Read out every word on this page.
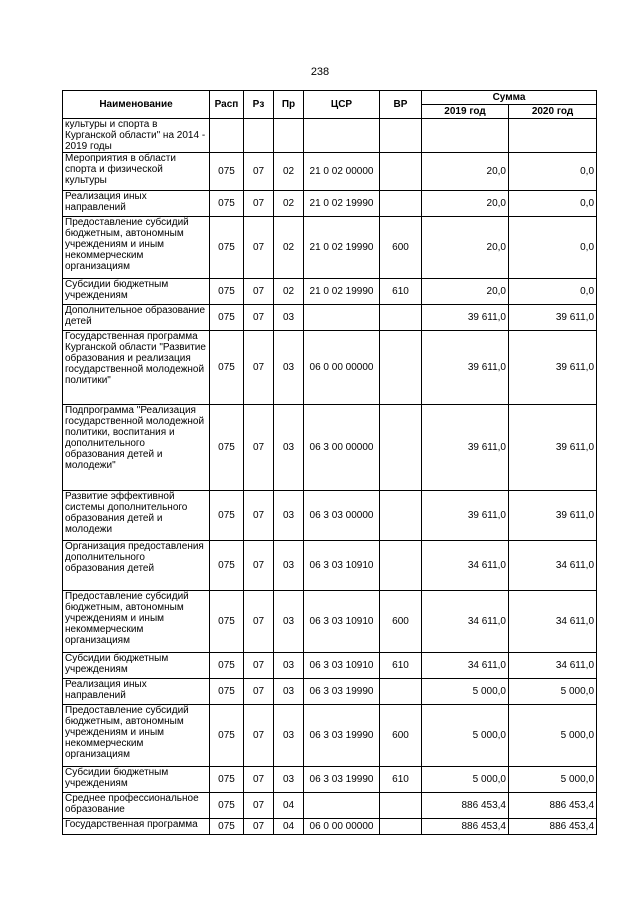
238
Наименование	Расп	Рз	Пр	ЦСР	ВР	Сумма	
						2019 год	2020 год
культуры и спорта в Курганской области" на 2014 - 2019 годы							
Мероприятия в области спорта и физической культуры	075	07	02	21 0 02 00000		20,0	0,0
Реализация иных направлений	075	07	02	21 0 02 19990		20,0	0,0
Предоставление субсидий бюджетным, автономным учреждениям и иным некоммерческим организациям	075	07	02	21 0 02 19990	600	20,0	0,0
Субсидии бюджетным учреждениям	075	07	02	21 0 02 19990	610	20,0	0,0
Дополнительное образование детей	075	07	03			39 611,0	39 611,0
Государственная программа Курганской области "Развитие образования и реализация государственной молодежной политики"	075	07	03	06 0 00 00000		39 611,0	39 611,0
Подпрограмма "Реализация государственной молодежной политики, воспитания и дополнительного образования детей и молодежи"	075	07	03	06 3 00 00000		39 611,0	39 611,0
Развитие эффективной системы дополнительного образования детей и молодежи	075	07	03	06 3 03 00000		39 611,0	39 611,0
Организация предоставления дополнительного образования детей	075	07	03	06 3 03 10910		34 611,0	34 611,0
Предоставление субсидий бюджетным, автономным учреждениям и иным некоммерческим организациям	075	07	03	06 3 03 10910	600	34 611,0	34 611,0
Субсидии бюджетным учреждениям	075	07	03	06 3 03 10910	610	34 611,0	34 611,0
Реализация иных направлений	075	07	03	06 3 03 19990		5 000,0	5 000,0
Предоставление субсидий бюджетным, автономным учреждениям и иным некоммерческим организациям	075	07	03	06 3 03 19990	600	5 000,0	5 000,0
Субсидии бюджетным учреждениям	075	07	03	06 3 03 19990	610	5 000,0	5 000,0
Среднее профессиональное образование	075	07	04			886 453,4	886 453,4
Государственная программа	075	07	04	06 0 00 00000		886 453,4	886 453,4
